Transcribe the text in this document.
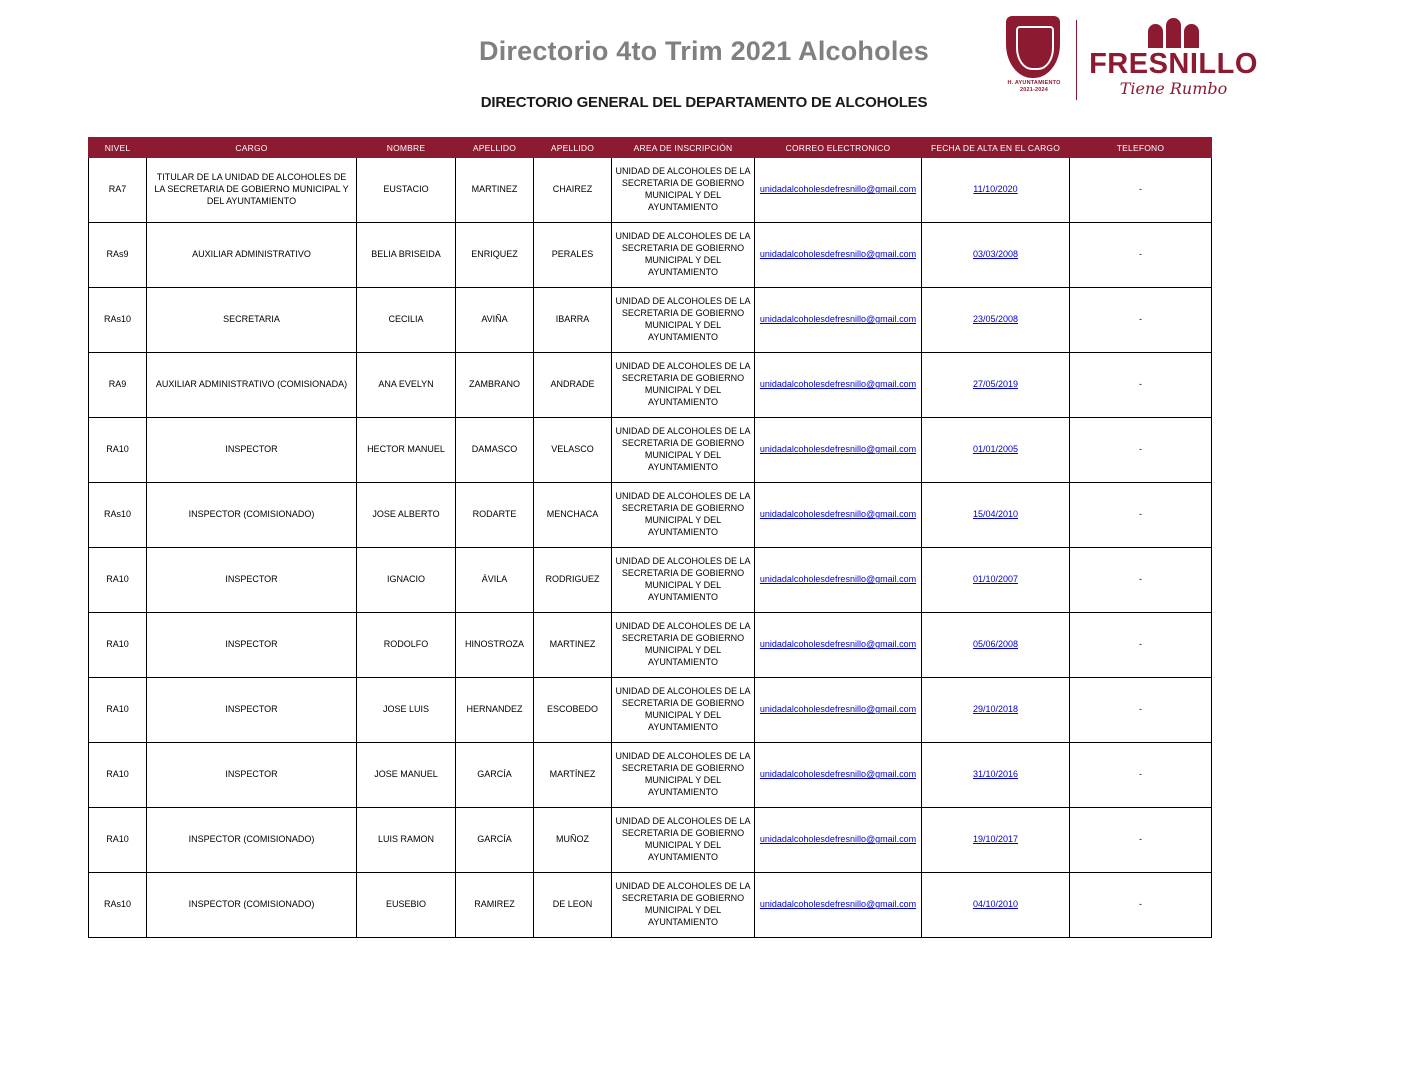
Directorio 4to Trim 2021 Alcoholes
DIRECTORIO GENERAL DEL DEPARTAMENTO DE ALCOHOLES
H. AYUNTAMIENTO
2021-2024
FRESNILLO
Tiene Rumbo
NIVEL	CARGO	NOMBRE	APELLIDO	APELLIDO	AREA DE INSCRIPCIÓN	CORREO ELECTRONICO	FECHA DE ALTA EN EL CARGO	TELEFONO
RA7	TITULAR DE LA UNIDAD DE ALCOHOLES DE LA SECRETARIA DE GOBIERNO MUNICIPAL Y DEL AYUNTAMIENTO	EUSTACIO	MARTINEZ	CHAIREZ	UNIDAD DE ALCOHOLES DE LA SECRETARIA DE GOBIERNO MUNICIPAL Y DEL AYUNTAMIENTO	unidadalcoholesdefresnillo@gmail.com	11/10/2020	-
RAs9	AUXILIAR ADMINISTRATIVO	BELIA BRISEIDA	ENRIQUEZ	PERALES	UNIDAD DE ALCOHOLES DE LA SECRETARIA DE GOBIERNO MUNICIPAL Y DEL AYUNTAMIENTO	unidadalcoholesdefresnillo@gmail.com	03/03/2008	-
RAs10	SECRETARIA	CECILIA	AVIÑA	IBARRA	UNIDAD DE ALCOHOLES DE LA SECRETARIA DE GOBIERNO MUNICIPAL Y DEL AYUNTAMIENTO	unidadalcoholesdefresnillo@gmail.com	23/05/2008	-
RA9	AUXILIAR ADMINISTRATIVO (COMISIONADA)	ANA EVELYN	ZAMBRANO	ANDRADE	UNIDAD DE ALCOHOLES DE LA SECRETARIA DE GOBIERNO MUNICIPAL Y DEL AYUNTAMIENTO	unidadalcoholesdefresnillo@gmail.com	27/05/2019	-
RA10	INSPECTOR	HECTOR MANUEL	DAMASCO	VELASCO	UNIDAD DE ALCOHOLES DE LA SECRETARIA DE GOBIERNO MUNICIPAL Y DEL AYUNTAMIENTO	unidadalcoholesdefresnillo@gmail.com	01/01/2005	-
RAs10	INSPECTOR (COMISIONADO)	JOSE ALBERTO	RODARTE	MENCHACA	UNIDAD DE ALCOHOLES DE LA SECRETARIA DE GOBIERNO MUNICIPAL Y DEL AYUNTAMIENTO	unidadalcoholesdefresnillo@gmail.com	15/04/2010	-
RA10	INSPECTOR	IGNACIO	ÁVILA	RODRIGUEZ	UNIDAD DE ALCOHOLES DE LA SECRETARIA DE GOBIERNO MUNICIPAL Y DEL AYUNTAMIENTO	unidadalcoholesdefresnillo@gmail.com	01/10/2007	-
RA10	INSPECTOR	RODOLFO	HINOSTROZA	MARTINEZ	UNIDAD DE ALCOHOLES DE LA SECRETARIA DE GOBIERNO MUNICIPAL Y DEL AYUNTAMIENTO	unidadalcoholesdefresnillo@gmail.com	05/06/2008	-
RA10	INSPECTOR	JOSE LUIS	HERNANDEZ	ESCOBEDO	UNIDAD DE ALCOHOLES DE LA SECRETARIA DE GOBIERNO MUNICIPAL Y DEL AYUNTAMIENTO	unidadalcoholesdefresnillo@gmail.com	29/10/2018	-
RA10	INSPECTOR	JOSE MANUEL	GARCÍA	MARTÍNEZ	UNIDAD DE ALCOHOLES DE LA SECRETARIA DE GOBIERNO MUNICIPAL Y DEL AYUNTAMIENTO	unidadalcoholesdefresnillo@gmail.com	31/10/2016	-
RA10	INSPECTOR (COMISIONADO)	LUIS RAMON	GARCÍA	MUÑOZ	UNIDAD DE ALCOHOLES DE LA SECRETARIA DE GOBIERNO MUNICIPAL Y DEL AYUNTAMIENTO	unidadalcoholesdefresnillo@gmail.com	19/10/2017	-
RAs10	INSPECTOR (COMISIONADO)	EUSEBIO	RAMIREZ	DE LEON	UNIDAD DE ALCOHOLES DE LA SECRETARIA DE GOBIERNO MUNICIPAL Y DEL AYUNTAMIENTO	unidadalcoholesdefresnillo@gmail.com	04/10/2010	-
